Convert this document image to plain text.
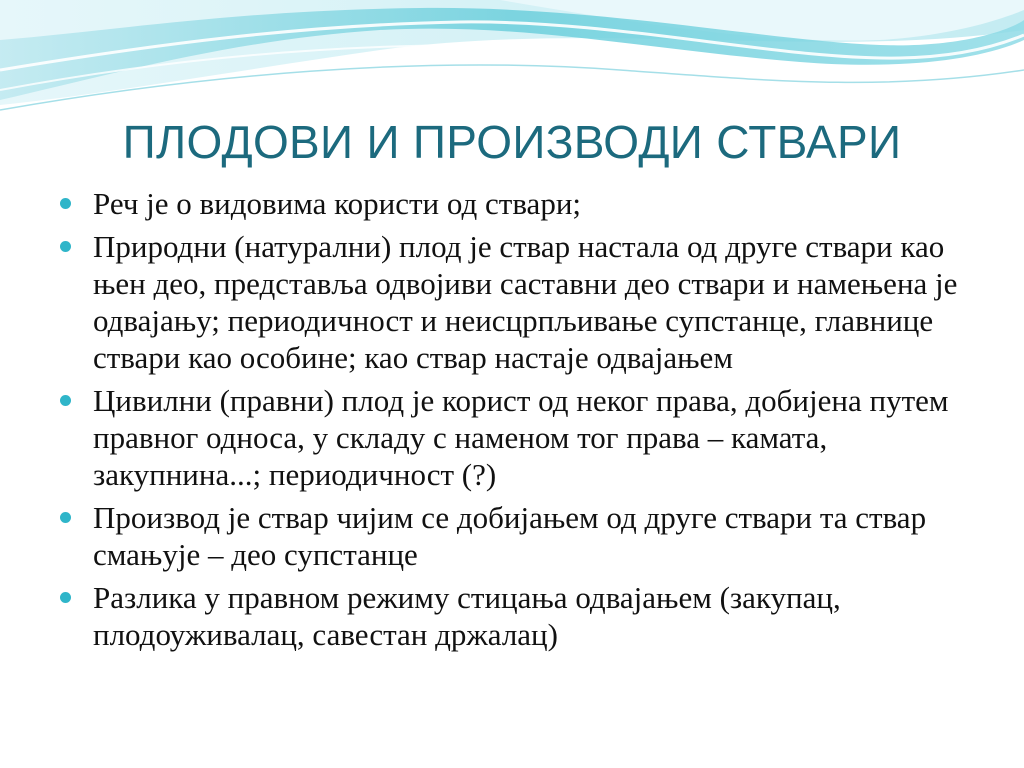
ПЛОДОВИ И ПРОИЗВОДИ СТВАРИ
Реч је о видовима користи од ствари;
Природни (натурални) плод је ствар настала од друге ствари као њен део, представља одвојиви саставни део ствари и намењена је одвајању; периодичност и неисцрпљивање супстанце, главнице ствари као особине; као ствар настаје одвајањем
Цивилни (правни) плод је корист од неког права, добијена путем правног односа, у складу с наменом тог права – камата, закупнина...; периодичност (?)
Производ је ствар чијим се добијањем од друге ствари та ствар смањује – део супстанце
Разлика у правном режиму стицања одвајањем (закупац, плодоуживалац, савестан држалац)
